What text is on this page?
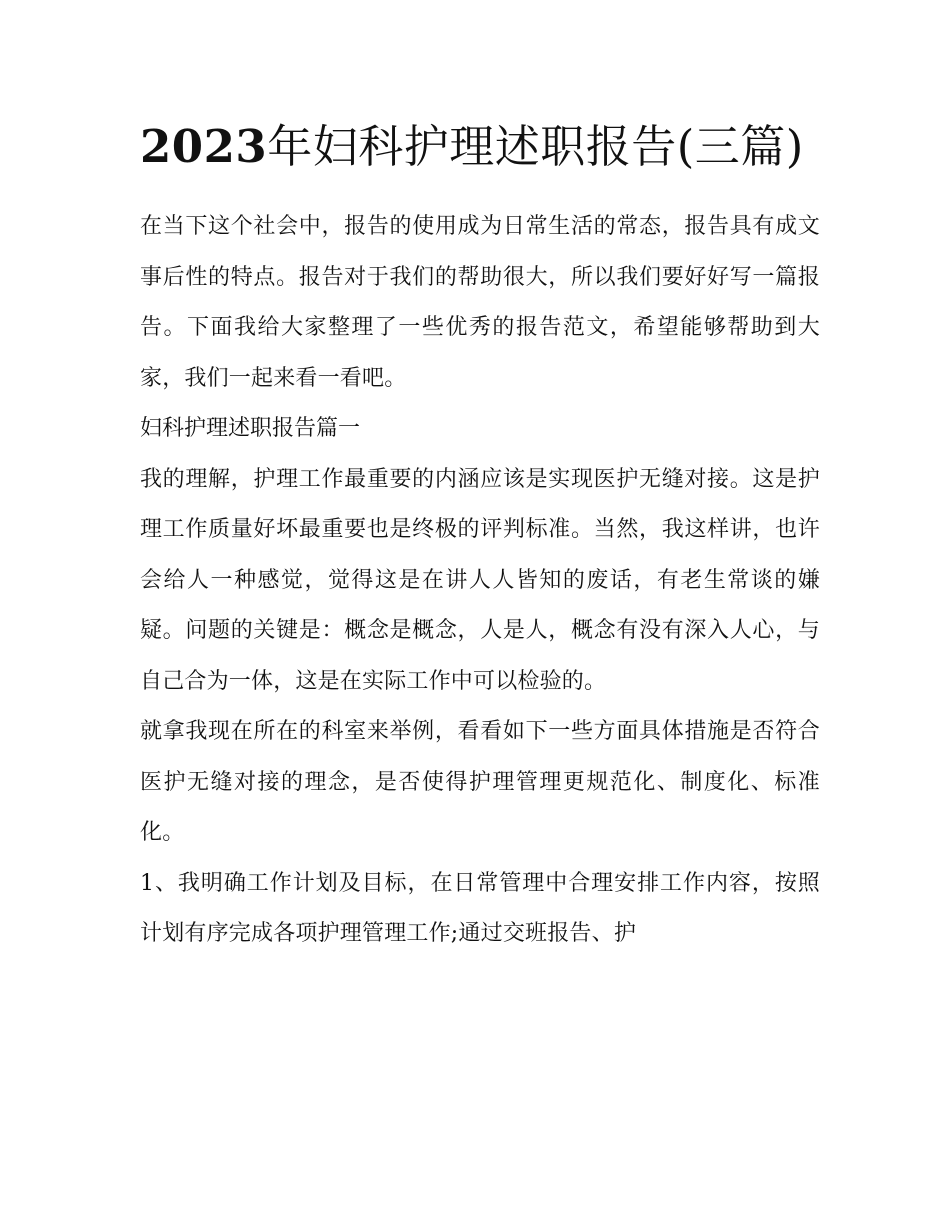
2023年妇科护理述职报告(三篇)

在当下这个社会中，报告的使用成为日常生活的常态，报告具有成文事后性的特点。报告对于我们的帮助很大，所以我们要好好写一篇报告。下面我给大家整理了一些优秀的报告范文，希望能够帮助到大家，我们一起来看一看吧。

妇科护理述职报告篇一

我的理解，护理工作最重要的内涵应该是实现医护无缝对接。这是护理工作质量好坏最重要也是终极的评判标准。当然，我这样讲，也许会给人一种感觉，觉得这是在讲人人皆知的废话，有老生常谈的嫌疑。问题的关键是：概念是概念，人是人，概念有没有深入人心，与自己合为一体，这是在实际工作中可以检验的。

就拿我现在所在的科室来举例，看看如下一些方面具体措施是否符合医护无缝对接的理念，是否使得护理管理更规范化、制度化、标准化。

1、我明确工作计划及目标，在日常管理中合理安排工作内容，按照计划有序完成各项护理管理工作;通过交班报告、护
